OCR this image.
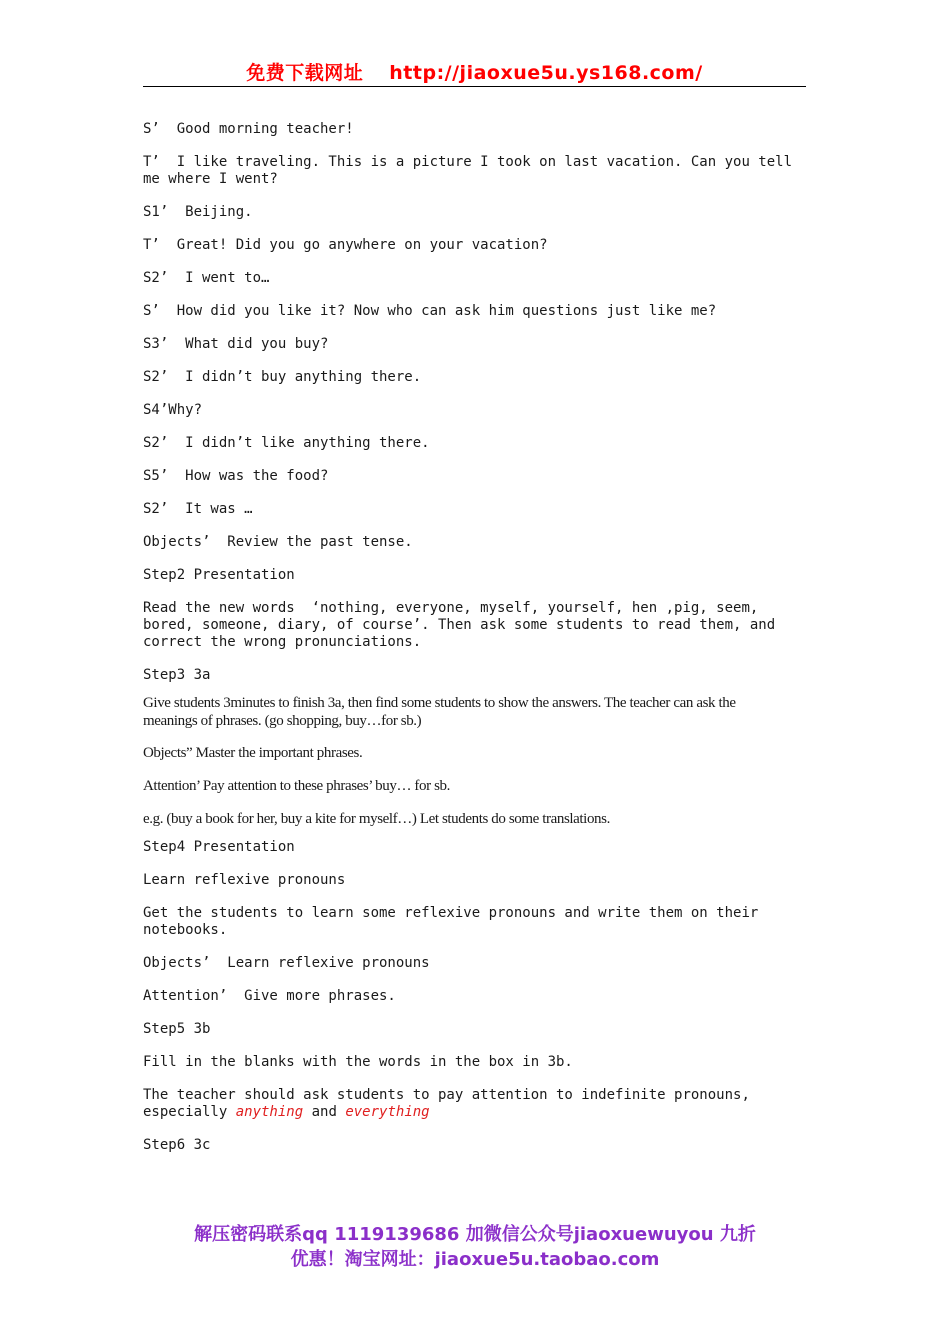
免费下载网址 http://jiaoxue5u.ys168.com/
S’  Good morning teacher!
T’  I like traveling. This is a picture I took on last vacation. Can you tell me where I went?
S1’  Beijing.
T’  Great! Did you go anywhere on your vacation?
S2’  I went to…
S’  How did you like it? Now who can ask him questions just like me?
S3’  What did you buy?
S2’  I didn’t buy anything there.
S4’Why?
S2’  I didn’t like anything there.
S5’  How was the food?
S2’  It was …
Objects’  Review the past tense.
Step2 Presentation
Read the new words  ‘nothing, everyone, myself, yourself, hen ,pig, seem, bored, someone, diary, of course’. Then ask some students to read them, and correct the wrong pronunciations.
Step3 3a
Give students 3minutes to finish 3a, then find some students to show the answers. The teacher can ask the meanings of phrases. (go shopping, buy…for sb.)
Objects” Master the important phrases.
Attention’ Pay attention to these phrases’ buy… for sb.
e.g. (buy a book for her, buy a kite for myself…) Let students do some translations.
Step4 Presentation
Learn reflexive pronouns
Get the students to learn some reflexive pronouns and write them on their notebooks.
Objects’  Learn reflexive pronouns
Attention’  Give more phrases.
Step5 3b
Fill in the blanks with the words in the box in 3b.
The teacher should ask students to pay attention to indefinite pronouns, especially anything and everything
Step6 3c
解压密码联系qq 1119139686 加微信公众号jiaoxuewuyou 九折
优惠！淘宝网址：jiaoxue5u.taobao.com
